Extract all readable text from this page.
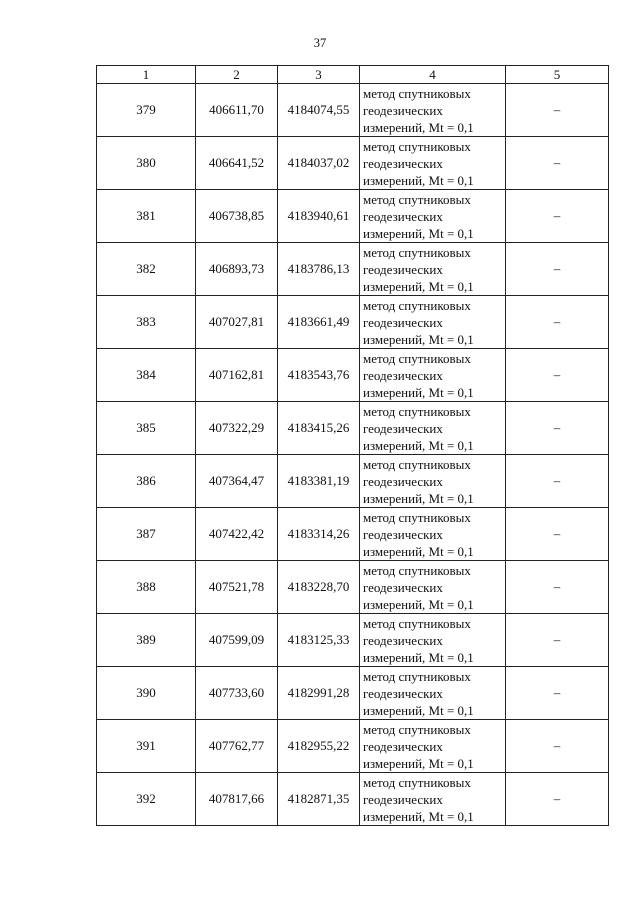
37
1	2	3	4	5
379	406611,70	4184074,55	метод спутниковых
геодезических
измерений, Mt = 0,1	–
380	406641,52	4184037,02	метод спутниковых
геодезических
измерений, Mt = 0,1	–
381	406738,85	4183940,61	метод спутниковых
геодезических
измерений, Mt = 0,1	–
382	406893,73	4183786,13	метод спутниковых
геодезических
измерений, Mt = 0,1	–
383	407027,81	4183661,49	метод спутниковых
геодезических
измерений, Mt = 0,1	–
384	407162,81	4183543,76	метод спутниковых
геодезических
измерений, Mt = 0,1	–
385	407322,29	4183415,26	метод спутниковых
геодезических
измерений, Mt = 0,1	–
386	407364,47	4183381,19	метод спутниковых
геодезических
измерений, Mt = 0,1	–
387	407422,42	4183314,26	метод спутниковых
геодезических
измерений, Mt = 0,1	–
388	407521,78	4183228,70	метод спутниковых
геодезических
измерений, Mt = 0,1	–
389	407599,09	4183125,33	метод спутниковых
геодезических
измерений, Mt = 0,1	–
390	407733,60	4182991,28	метод спутниковых
геодезических
измерений, Mt = 0,1	–
391	407762,77	4182955,22	метод спутниковых
геодезических
измерений, Mt = 0,1	–
392	407817,66	4182871,35	метод спутниковых
геодезических
измерений, Mt = 0,1	–
